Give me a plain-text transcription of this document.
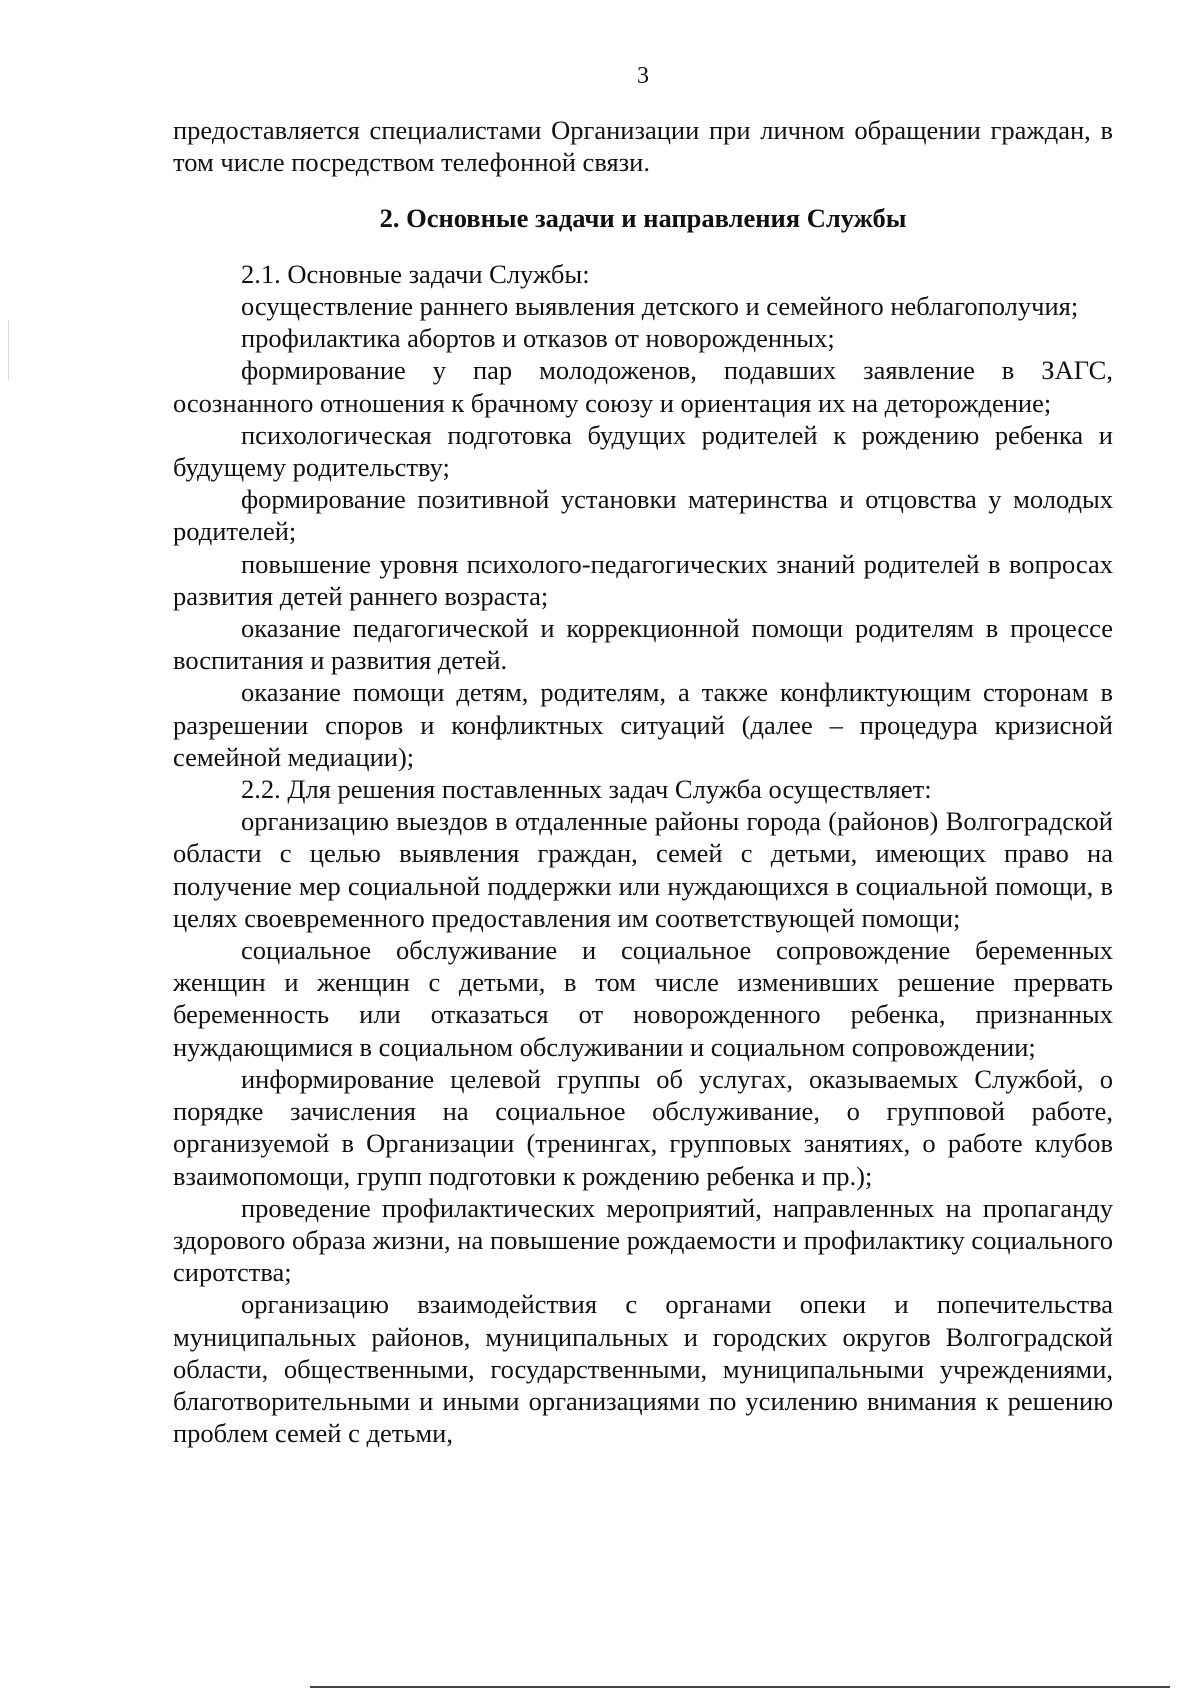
3

предоставляется специалистами Организации при личном обращении граждан, в том числе посредством телефонной связи.

2. Основные задачи и направления Службы

2.1. Основные задачи Службы:

осуществление раннего выявления детского и семейного неблагополучия;

профилактика абортов и отказов от новорожденных;

формирование у пар молодоженов, подавших заявление в ЗАГС, осознанного отношения к брачному союзу и ориентация их на деторождение;

психологическая подготовка будущих родителей к рождению ребенка и будущему родительству;

формирование позитивной установки материнства и отцовства у молодых родителей;

повышение уровня психолого-педагогических знаний родителей в вопросах развития детей раннего возраста;

оказание педагогической и коррекционной помощи родителям в процессе воспитания и развития детей.

оказание помощи детям, родителям, а также конфликтующим сторонам в разрешении споров и конфликтных ситуаций (далее – процедура кризисной семейной медиации);

2.2. Для решения поставленных задач Служба осуществляет:

организацию выездов в отдаленные районы города (районов) Волгоградской области с целью выявления граждан, семей с детьми, имеющих право на получение мер социальной поддержки или нуждающихся в социальной помощи, в целях своевременного предоставления им соответствующей помощи;

социальное обслуживание и социальное сопровождение беременных женщин и женщин с детьми, в том числе изменивших решение прервать беременность или отказаться от новорожденного ребенка, признанных нуждающимися в социальном обслуживании и социальном сопровождении;

информирование целевой группы об услугах, оказываемых Службой, о порядке зачисления на социальное обслуживание, о групповой работе, организуемой в Организации (тренингах, групповых занятиях, о работе клубов взаимопомощи, групп подготовки к рождению ребенка и пр.);

проведение профилактических мероприятий, направленных на пропаганду здорового образа жизни, на повышение рождаемости и профилактику социального сиротства;

организацию взаимодействия с органами опеки и попечительства муниципальных районов, муниципальных и городских округов Волгоградской области, общественными, государственными, муниципальными учреждениями, благотворительными и иными организациями по усилению внимания к решению проблем семей с детьми,
